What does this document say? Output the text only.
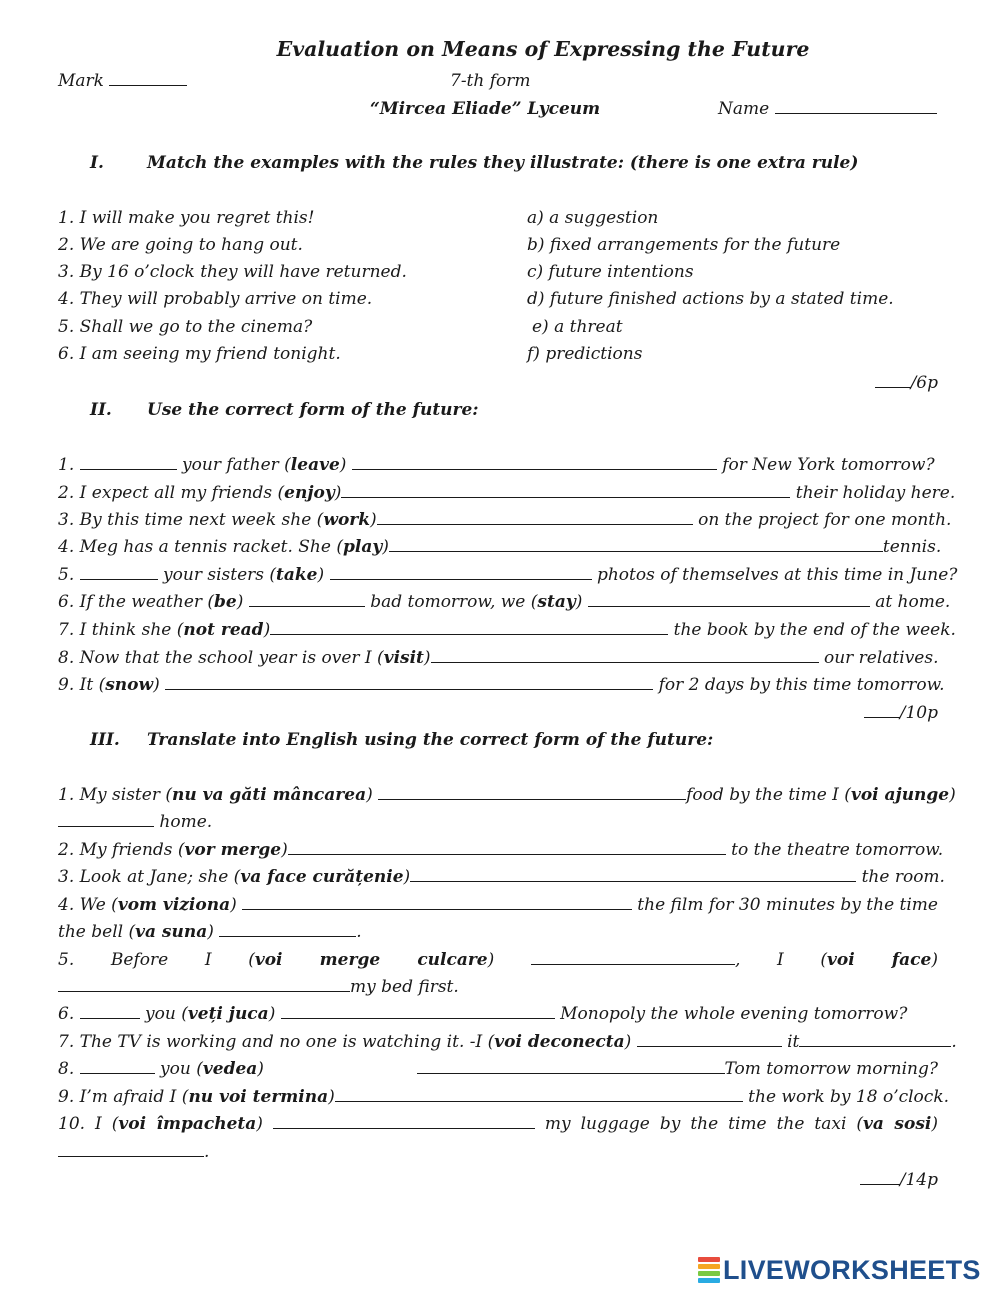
Evaluation on Means of Expressing the Future
Mark	7-th form
“Mircea Eliade” Lyceum	Name
I.	Match the examples with the rules they illustrate: (there is one extra rule)
1. I will make you regret this!
2. We are going to hang out.
3. By 16 o’clock they will have returned.
4. They will probably arrive on time.
5. Shall we go to the cinema?
6. I am seeing my friend tonight.
a) a suggestion
b) fixed arrangements for the future
c) future intentions
d) future finished actions by a stated time.
e) a threat
f) predictions
/6p
II. Use the correct form of the future:
1.	your father (leave)	for New York tomorrow?
2. I expect all my friends (enjoy)	their holiday here.
3. By this time next week she (work)	on the project for one month.
4. Meg has a tennis racket. She (play)	tennis.
5.	your sisters (take)	photos of themselves at this time in June?
6. If the weather (be)	bad tomorrow, we (stay)	at home.
7. I think she (not read)	the book by the end of the week.
8. Now that the school year is over I (visit)	our relatives.
9. It (snow)	for 2 days by this time tomorrow.
/10p
III. Translate into English using the correct form of the future:
1. My sister (nu va găti mâncarea)	food by the time I (voi ajunge)
home.
2. My friends (vor merge)	to the theatre tomorrow.
3. Look at Jane; she (va face curățenie)	the room.
4. We (vom viziona)	the film for 30 minutes by the time
the bell (va suna)	.
5. Before I (voi merge culcare)	, I (voi face)
my bed first.
6.	you (veți juca)	Monopoly the whole evening tomorrow?
7. The TV is working and no one is watching it. -I (voi deconecta)	it	.
8.	you (vedea)	Tom tomorrow morning?
9. I’m afraid I (nu voi termina)	the work by 18 o’clock.
10. I (voi împacheta)	my luggage by the time the taxi (va sosi)
.
/14p
LIVEWORKSHEETS
